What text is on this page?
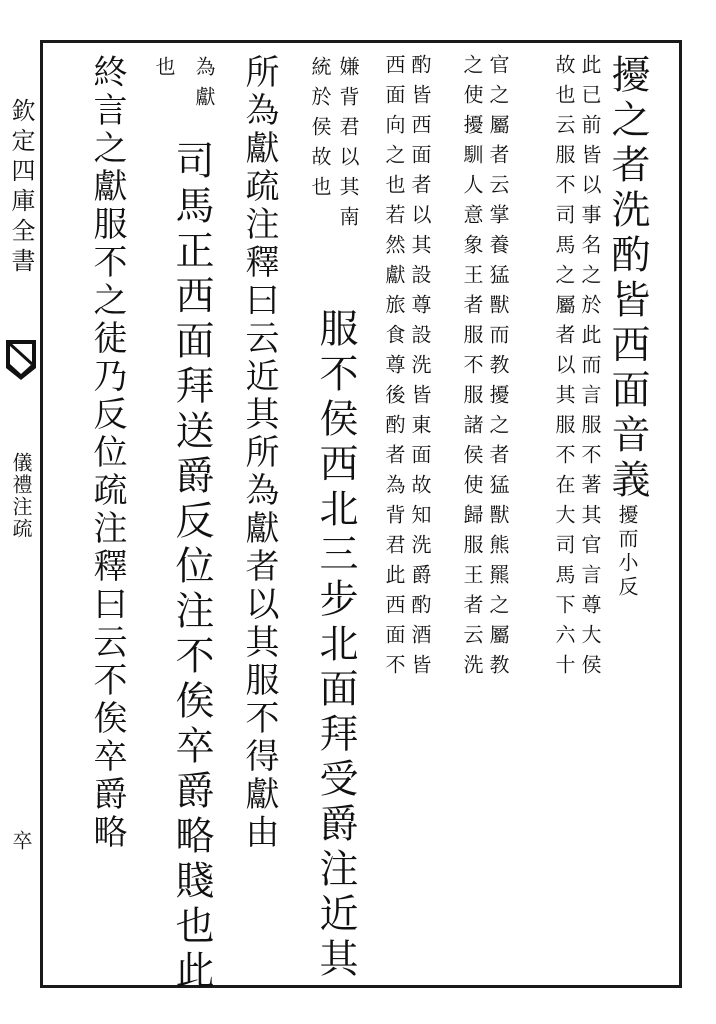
欽定四庫全書
儀禮注疏
卒
擾之者洗酌皆西面音義擾而小反
此已前皆以事名之於此而言服不著其官言尊大侯
故也云服不司馬之屬者以其服不在大司馬下六十
官之屬者云掌養猛獸而教擾之者猛獸熊羆之屬教
之使擾馴人意象王者服不服諸侯使歸服王者云洗
酌皆西面者以其設尊設洗皆東面故知洗爵酌酒皆
西面向之也若然獻旅食尊後酌者為背君此西面不
嫌背君以其南
統於侯故也
服不侯西北三步北面拜受爵注近其
所為獻疏注釋曰云近其所為獻者以其服不得獻由
為獻
也
司馬正西面拜送爵反位注不俟卒爵略賤也此
終言之獻服不之徒乃反位疏注釋曰云不俟卒爵略
